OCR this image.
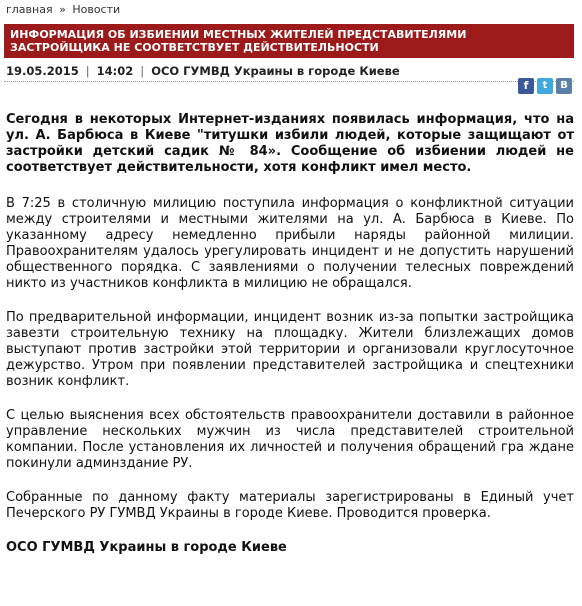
главная » Новости
ИНФОРМАЦИЯ ОБ ИЗБИЕНИИ МЕСТНЫХ ЖИТЕЛЕЙ ПРЕДСТАВИТЕЛЯМИ ЗАСТРОЙЩИКА НЕ СООТВЕТСТВУЕТ ДЕЙСТВИТЕЛЬНОСТИ
19.05.2015 | 14:02 | ОСО ГУМВД Украины в городе Киеве
f	t	B

Сегодня в некоторых Интернет-изданиях появилась информация, что на ул. А. Барбюса в Киеве "титушки избили людей, которые защищают от застройки детский садик № 84». Сообщение об избиении людей не соответствует действительности, хотя конфликт имел место.

В 7:25 в столичную милицию поступила информация о конфликтной ситуации между строителями и местными жителями на ул. А. Барбюса в Киеве. По указанному адресу немедленно прибыли наряды районной милиции. Правоохранителям удалось урегулировать инцидент и не допустить нарушений общественного порядка. С заявлениями о получении телесных повреждений никто из участников конфликта в милицию не обращался.

По предварительной информации, инцидент возник из-за попытки застройщика завезти строительную технику на площадку. Жители близлежащих домов выступают против застройки этой территории и организовали круглосуточное дежурство. Утром при появлении представителей застройщика и спецтехники возник конфликт.

С целью выяснения всех обстоятельств правоохранители доставили в районное управление нескольких мужчин из числа представителей строительной компании. После установления их личностей и получения обращений гра ждане покинули админздание РУ.

Собранные по данному факту материалы зарегистрированы в Единый учет Печерского РУ ГУМВД Украины в городе Киеве. Проводится проверка.

ОСО ГУМВД Украины в городе Киеве
